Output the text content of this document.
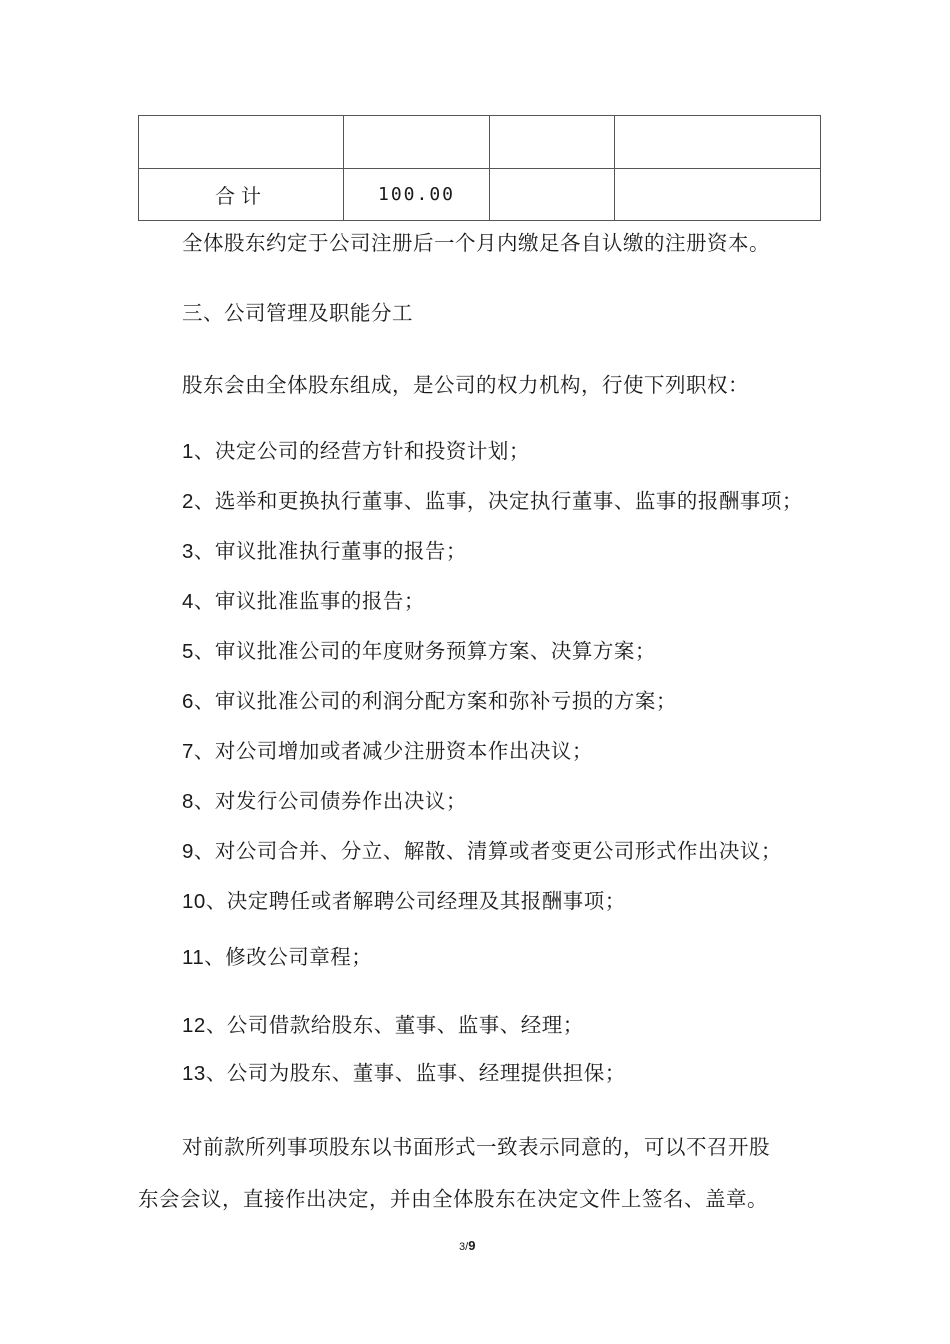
合计	100.00		
全体股东约定于公司注册后一个月内缴足各自认缴的注册资本。
三、公司管理及职能分工
股东会由全体股东组成，是公司的权力机构，行使下列职权：
1、决定公司的经营方针和投资计划；
2、选举和更换执行董事、监事，决定执行董事、监事的报酬事项；
3、审议批准执行董事的报告；
4、审议批准监事的报告；
5、审议批准公司的年度财务预算方案、决算方案；
6、审议批准公司的利润分配方案和弥补亏损的方案；
7、对公司增加或者减少注册资本作出决议；
8、对发行公司债券作出决议；
9、对公司合并、分立、解散、清算或者变更公司形式作出决议；
10、决定聘任或者解聘公司经理及其报酬事项；
11、修改公司章程；
12、公司借款给股东、董事、监事、经理；
13、公司为股东、董事、监事、经理提供担保；
对前款所列事项股东以书面形式一致表示同意的，可以不召开股
东会会议，直接作出决定，并由全体股东在决定文件上签名、盖章。
3/9
